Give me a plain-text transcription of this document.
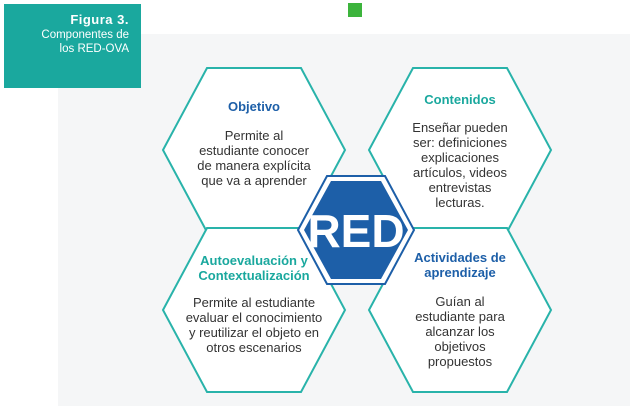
Figura 3.
Componentes de
los RED-OVA
RED
Objetivo
Permite al
estudiante conocer
de manera explícita
que va a aprender
Contenidos
Enseñar pueden
ser: definiciones
explicaciones
artículos, videos
entrevistas
lecturas.
Autoevaluación y
Contextualización
Permite al estudiante
evaluar el conocimiento
y reutilizar el objeto en
otros escenarios
Actividades de
aprendizaje
Guían al
estudiante para
alcanzar los
objetivos
propuestos
